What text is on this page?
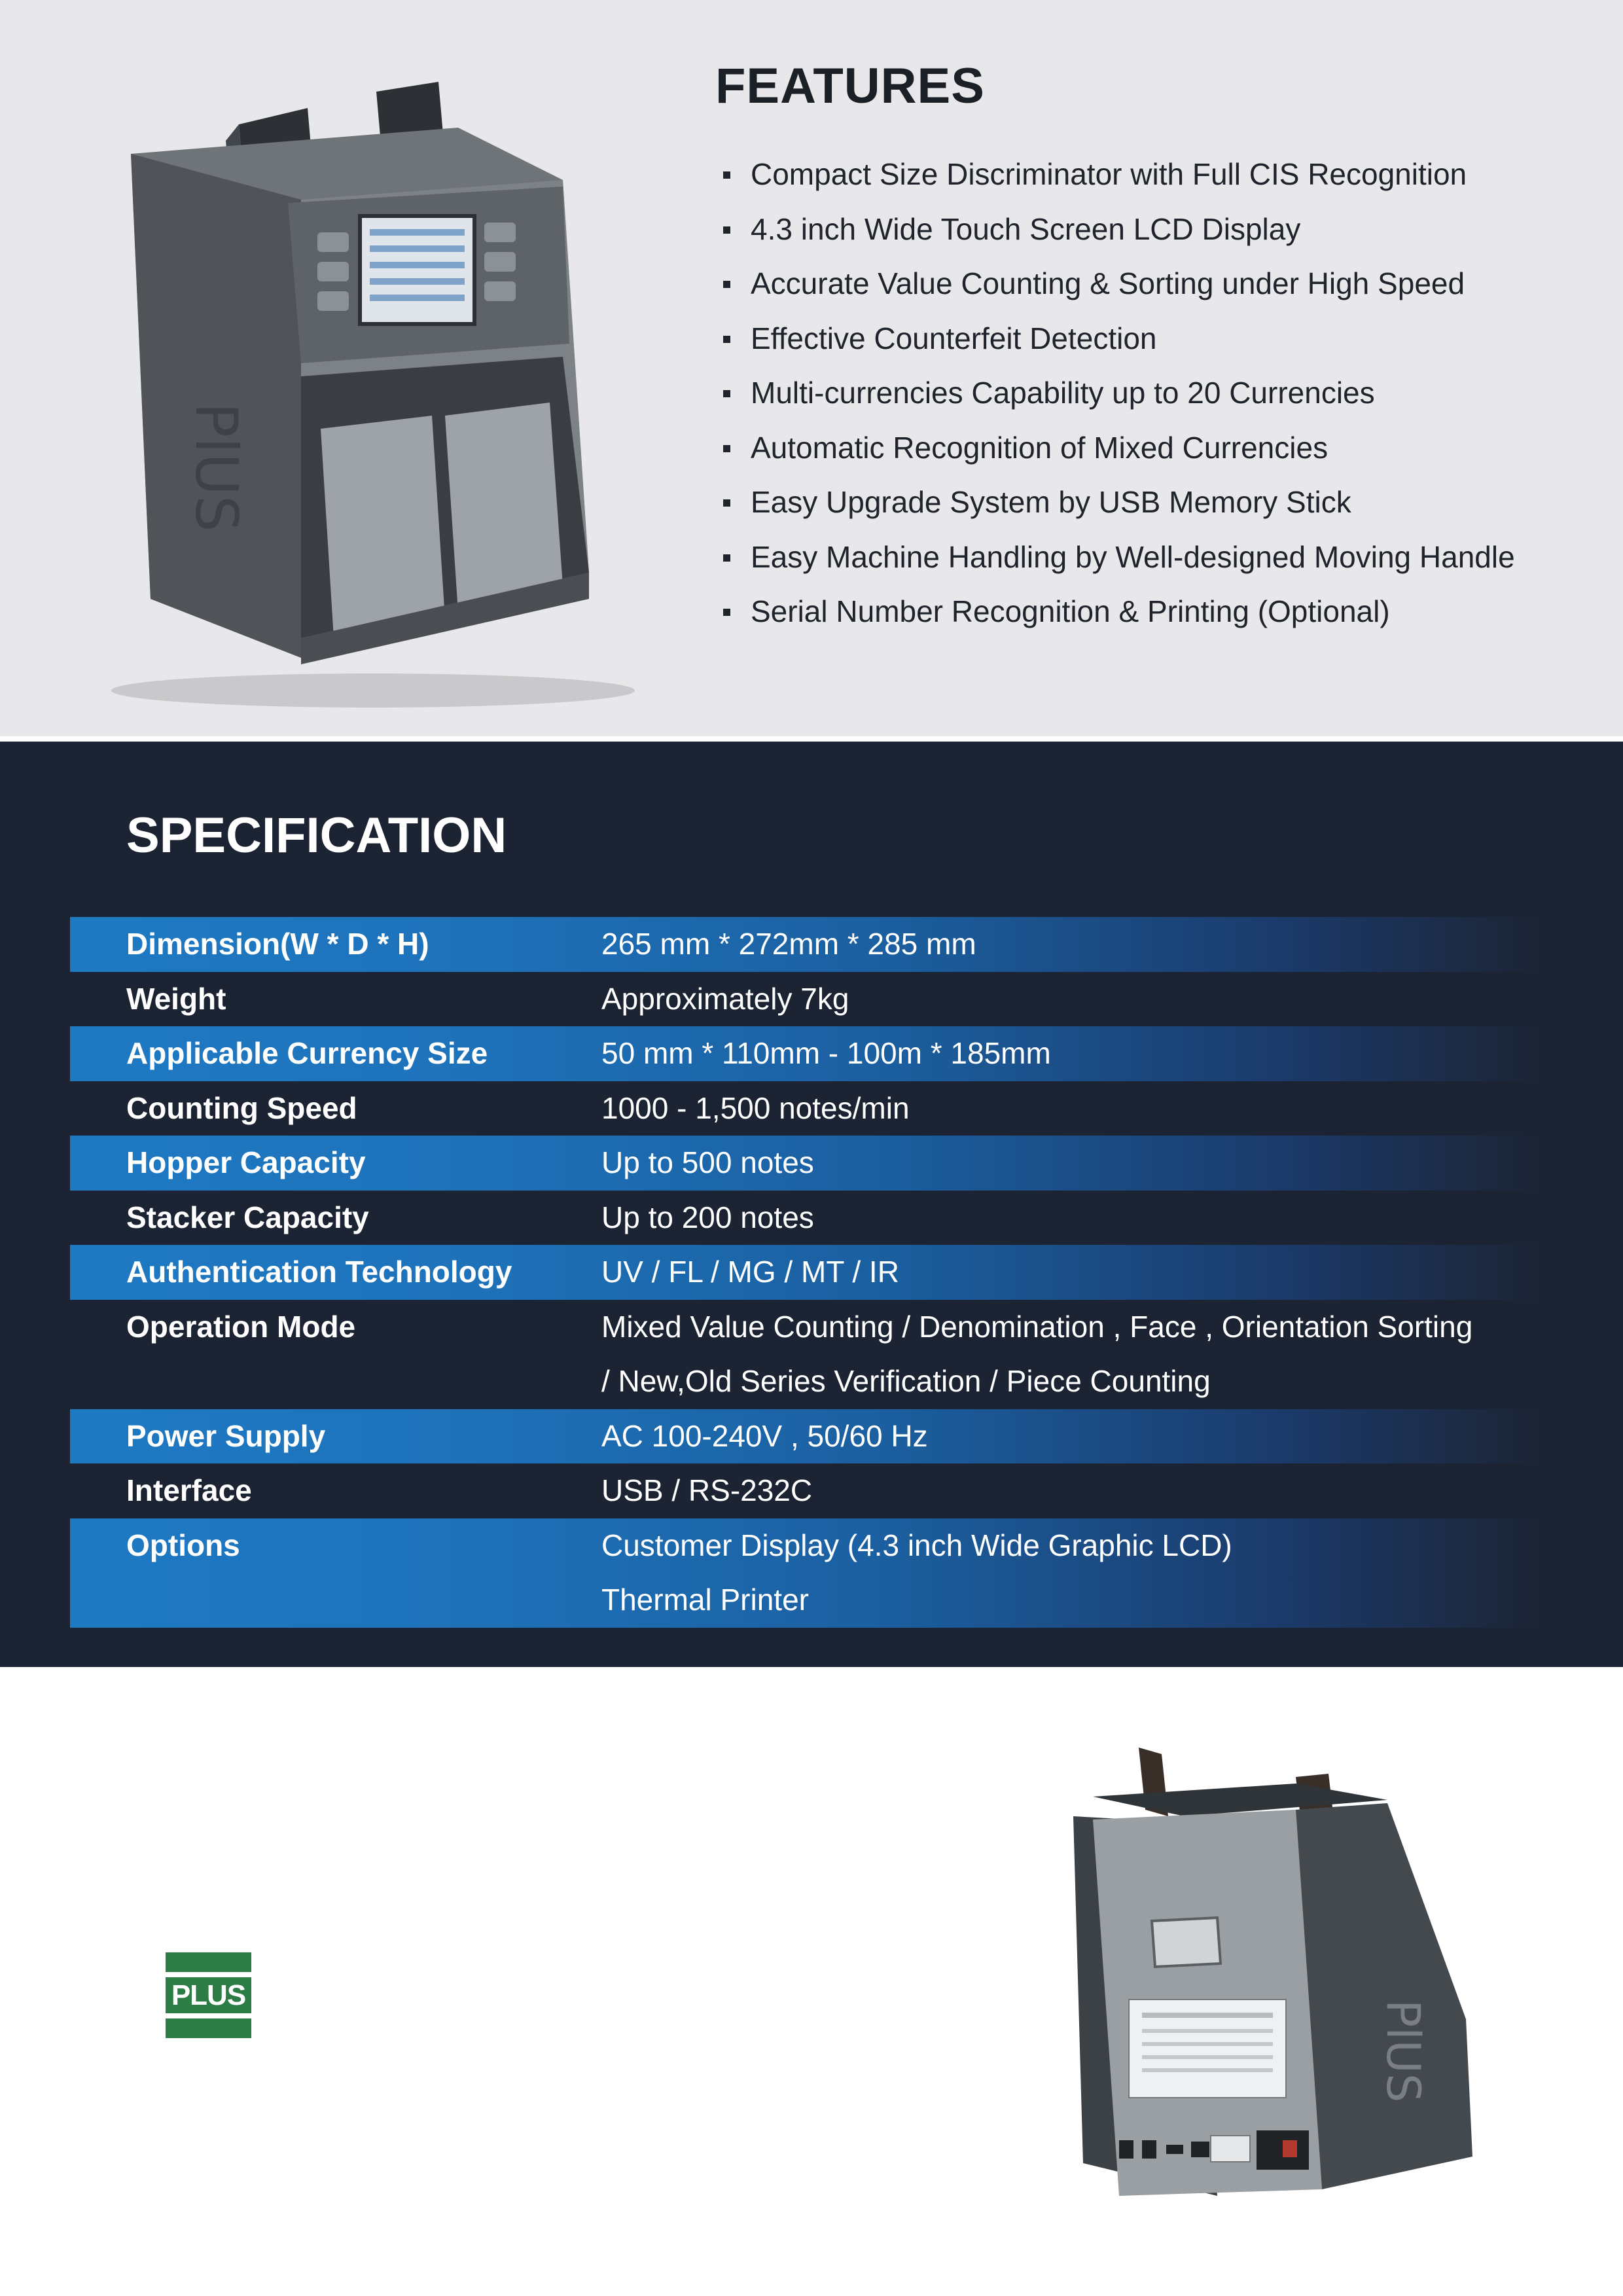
PlUS
FEATURES
Compact Size Discriminator with Full CIS Recognition
4.3 inch Wide Touch Screen LCD Display
Accurate Value Counting & Sorting under High Speed
Effective Counterfeit Detection
Multi-currencies Capability up to 20 Currencies
Automatic Recognition of Mixed Currencies
Easy Upgrade System by USB Memory Stick
Easy Machine Handling by Well-designed Moving Handle
Serial Number Recognition & Printing (Optional)
SPECIFICATION
Dimension(W * D * H)	265 mm * 272mm * 285 mm
Weight	Approximately 7kg
Applicable Currency Size	50 mm * 110mm - 100m * 185mm
Counting Speed	1000 - 1,500 notes/min
Hopper Capacity	Up to 500 notes
Stacker Capacity	Up to 200 notes
Authentication Technology	UV / FL / MG / MT / IR
Operation Mode	Mixed Value Counting / Denomination , Face , Orientation Sorting
/ New,Old Series Verification / Piece Counting
Power Supply	AC 100-240V , 50/60 Hz
Interface	USB / RS-232C
Options	Customer Display (4.3 inch Wide Graphic LCD)
Thermal Printer
PLUS
PlUS
